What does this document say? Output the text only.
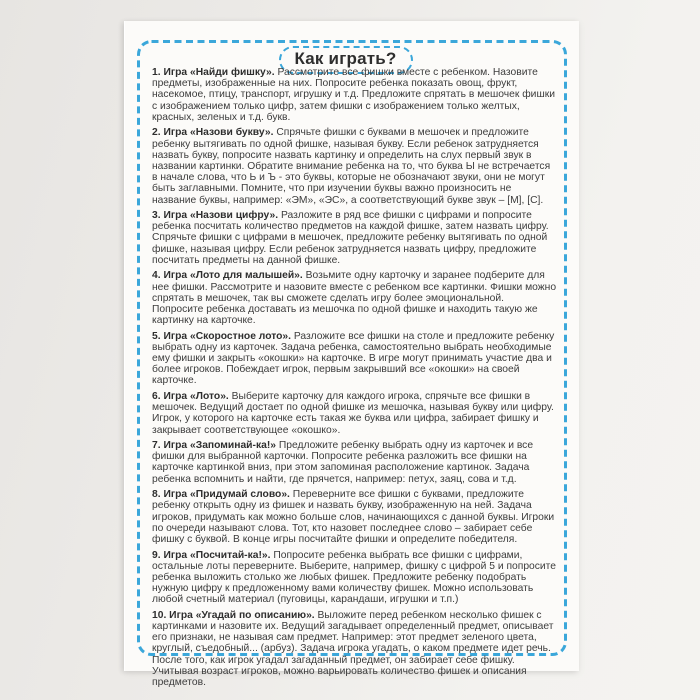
Как играть?

1. Игра «Найди фишку». Рассмотрите все фишки вместе с ребенком. Назовите предметы, изображенные на них. Попросите ребенка показать овощ, фрукт, насекомое, птицу, транспорт, игрушку и т.д. Предложите спрятать в мешочек фишки с изображением только цифр, затем фишки с изображением только желтых, красных, зеленых и т.д. букв.

2. Игра «Назови букву». Спрячьте фишки с буквами в мешочек и предложите ребенку вытягивать по одной фишке, называя букву. Если ребенок затрудняется назвать букву, попросите назвать картинку и определить на слух первый звук в названии картинки. Обратите внимание ребенка на то, что буква Ы не встречается в начале слова, что Ь и Ъ - это буквы, которые не обозначают звуки, они не могут быть заглавными. Помните, что при изучении буквы важно произносить не название буквы, например: «ЭМ», «ЭС», а соответствующий букве звук – [М], [С].

3. Игра «Назови цифру». Разложите в ряд все фишки с цифрами и попросите ребенка посчитать количество предметов на каждой фишке, затем назвать цифру. Спрячьте фишки с цифрами в мешочек, предложите ребенку вытягивать по одной фишке, называя цифру. Если ребенок затрудняется назвать цифру, предложите посчитать предметы на данной фишке.

4. Игра «Лото для малышей». Возьмите одну карточку и заранее подберите для нее фишки. Рассмотрите и назовите вместе с ребенком все картинки. Фишки можно спрятать в мешочек, так вы сможете сделать игру более эмоциональной. Попросите ребенка доставать из мешочка по одной фишке и находить такую же картинку на карточке.

5. Игра «Скоростное лото». Разложите все фишки на столе и предложите ребенку выбрать одну из карточек. Задача ребенка, самостоятельно выбрать необходимые ему фишки и закрыть «окошки» на карточке. В игре могут принимать участие два и более игроков. Побеждает игрок, первым закрывший все «окошки» на своей карточке.

6. Игра «Лото». Выберите карточку для каждого игрока, спрячьте все фишки в мешочек. Ведущий достает по одной фишке из мешочка, называя букву или цифру. Игрок, у которого на карточке есть такая же буква или цифра, забирает фишку и закрывает соответствующее «окошко».

7. Игра «Запоминай-ка!» Предложите ребенку выбрать одну из карточек и все фишки для выбранной карточки. Попросите ребенка разложить все фишки на карточке картинкой вниз, при этом запоминая расположение картинок. Задача ребенка вспомнить и найти, где прячется, например: петух, заяц, сова и т.д.

8. Игра «Придумай слово». Переверните все фишки с буквами, предложите ребенку открыть одну из фишек и назвать букву, изображенную на ней. Задача игроков, придумать как можно больше слов, начинающихся с данной буквы. Игроки по очереди называют слова. Тот, кто назовет последнее слово – забирает себе фишку с буквой. В конце игры посчитайте фишки и определите победителя.

9. Игра «Посчитай-ка!». Попросите ребенка выбрать все фишки с цифрами, остальные лоты переверните. Выберите, например, фишку с цифрой 5 и попросите ребенка выложить столько же любых фишек. Предложите ребенку подобрать нужную цифру к предложенному вами количеству фишек. Можно использовать любой счетный материал (пуговицы, карандаши, игрушки и т.п.)

10. Игра «Угадай по описанию». Выложите перед ребенком несколько фишек с картинками и назовите их. Ведущий загадывает определенный предмет, описывает его признаки, не называя сам предмет. Например: этот предмет зеленого цвета, круглый, съедобный... (арбуз). Задача игрока угадать, о каком предмете идет речь. После того, как игрок угадал загаданный предмет, он забирает себе фишку. Учитывая возраст игроков, можно варьировать количество фишек и описания предметов.
